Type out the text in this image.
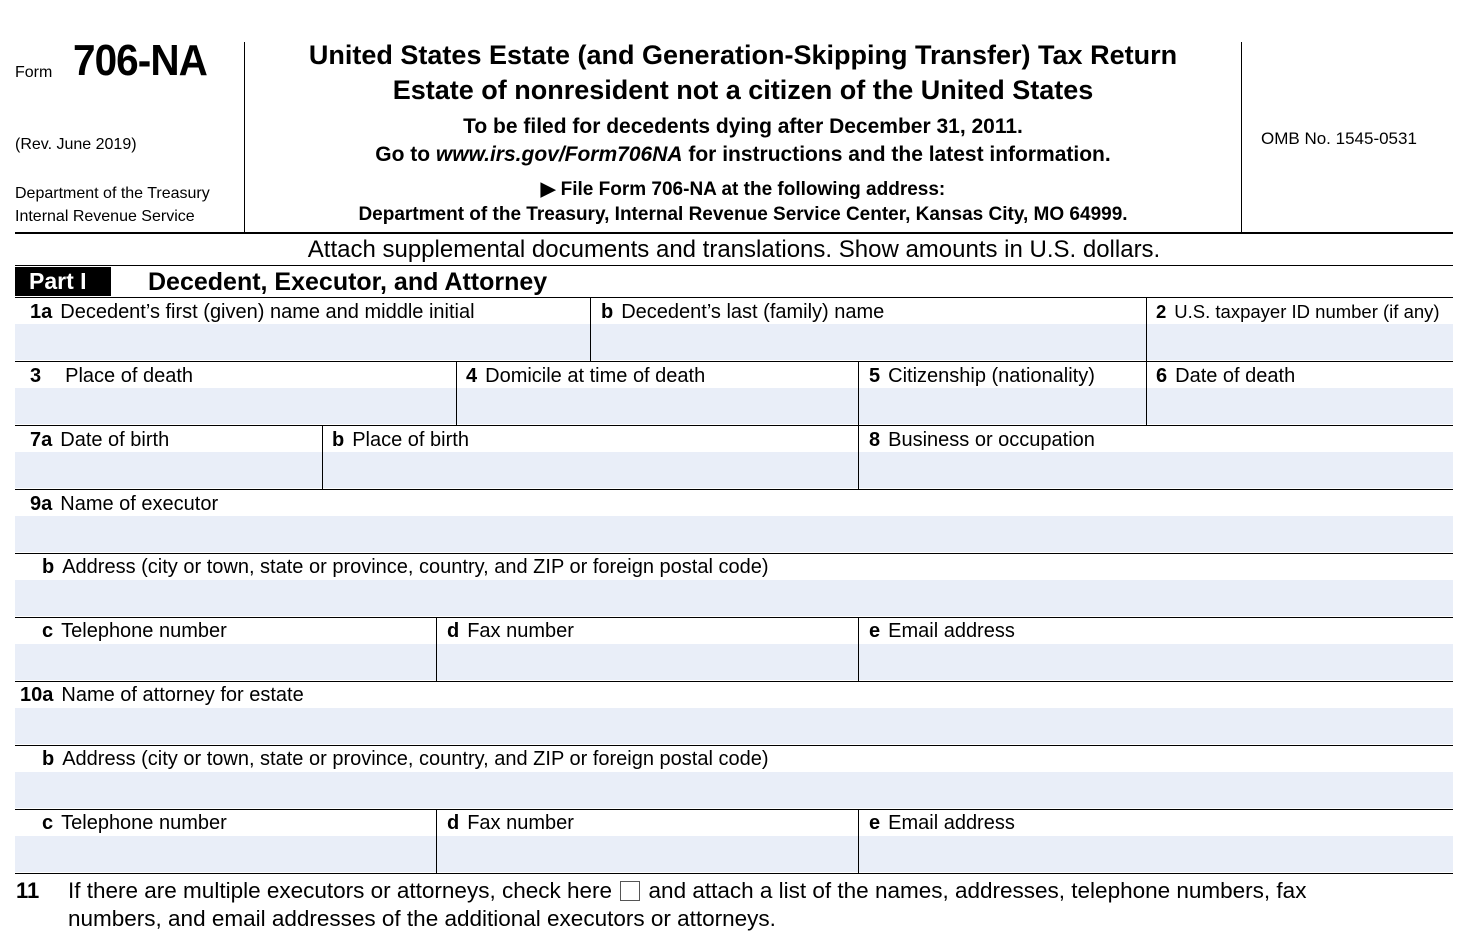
Form 706-NA
(Rev. June 2019)
Department of the Treasury
Internal Revenue Service
United States Estate (and Generation-Skipping Transfer) Tax Return
Estate of nonresident not a citizen of the United States
To be filed for decedents dying after December 31, 2011.
Go to www.irs.gov/Form706NA for instructions and the latest information.
▶ File Form 706-NA at the following address:
Department of the Treasury, Internal Revenue Service Center, Kansas City, MO 64999.
OMB No. 1545-0531
Attach supplemental documents and translations. Show amounts in U.S. dollars.
Part I	Decedent, Executor, and Attorney
1a Decedent’s first (given) name and middle initial	b Decedent’s last (family) name	2 U.S. taxpayer ID number (if any)
3 Place of death	4 Domicile at time of death	5 Citizenship (nationality)	6 Date of death
7a Date of birth	b Place of birth	8 Business or occupation
9a Name of executor
b Address (city or town, state or province, country, and ZIP or foreign postal code)
c Telephone number	d Fax number	e Email address
10a Name of attorney for estate
b Address (city or town, state or province, country, and ZIP or foreign postal code)
c Telephone number	d Fax number	e Email address
11 If there are multiple executors or attorneys, check here and attach a list of the names, addresses, telephone numbers, fax
numbers, and email addresses of the additional executors or attorneys.
